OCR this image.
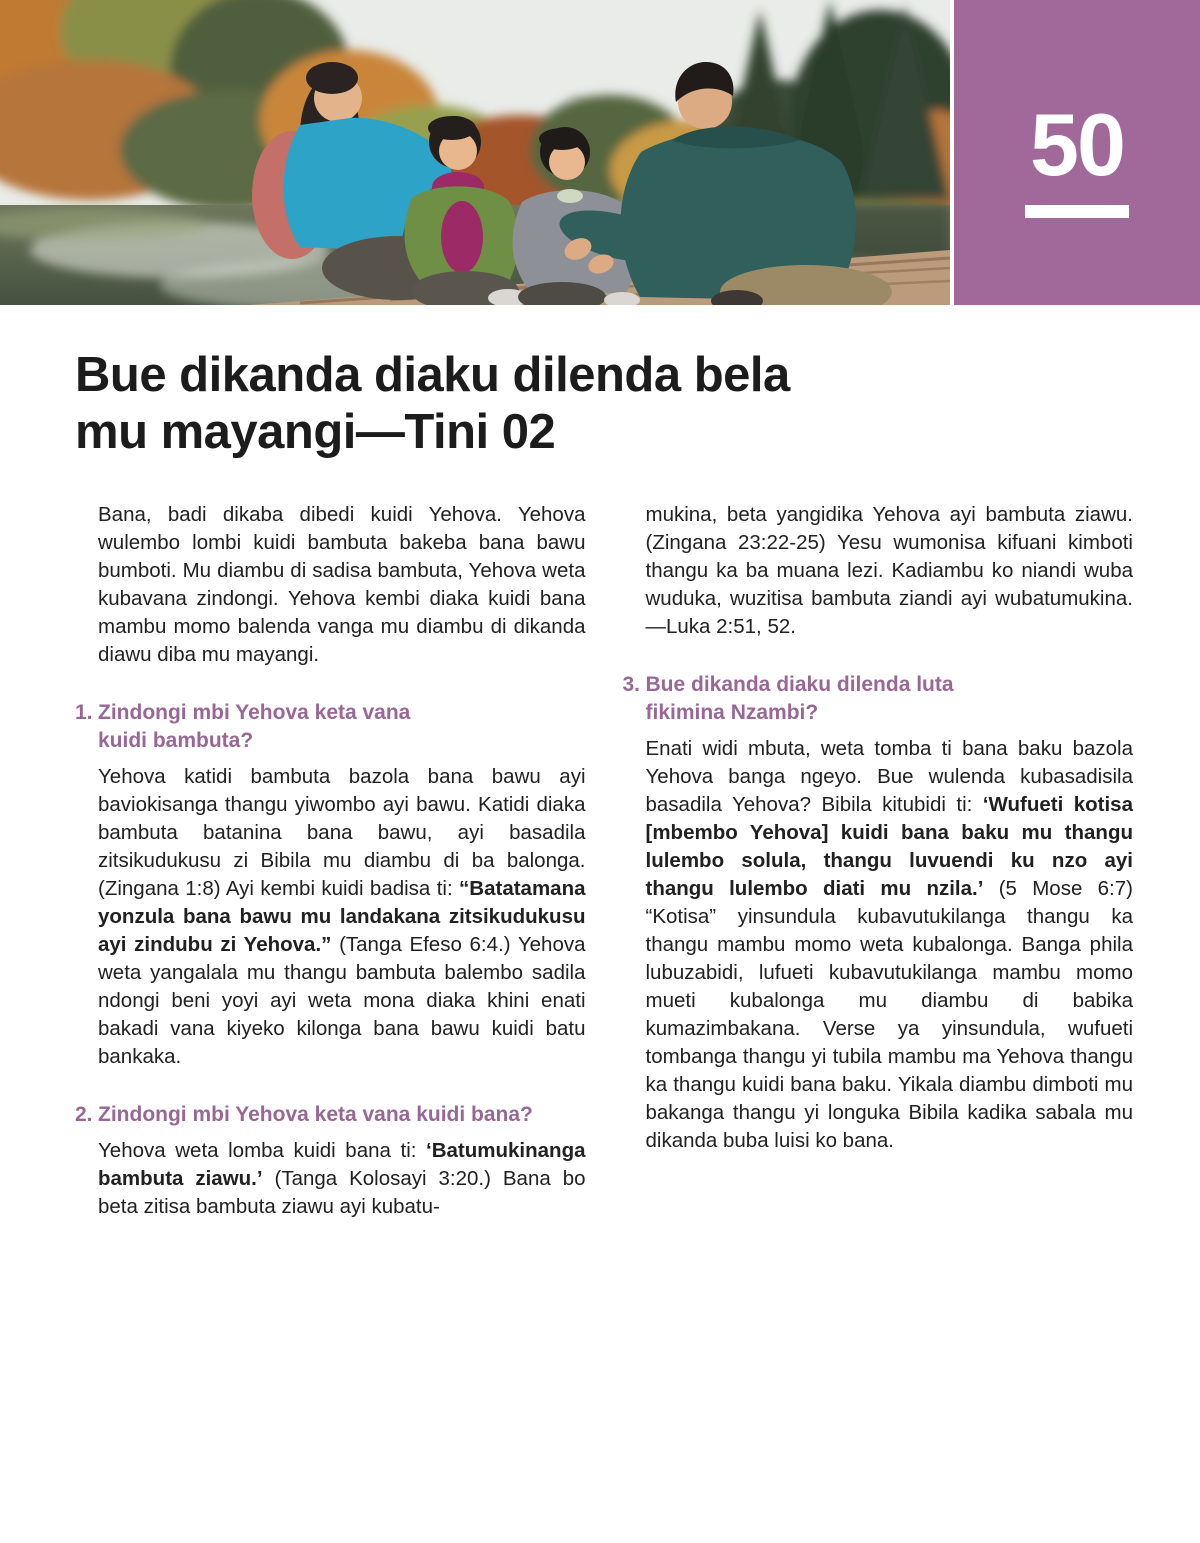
50
Bue dikanda diaku dilenda bela
mu mayangi—Tini 02

Bana, badi dikaba dibedi kuidi Yehova. Yehova wulembo lombi kuidi bambuta bakeba bana bawu bumboti. Mu diambu di sadisa bambuta, Yehova weta kubavana zindongi. Yehova kembi diaka kuidi bana mambu momo balenda vanga mu diambu di dikanda diawu diba mu mayangi.

1. Zindongi mbi Yehova keta vana
kuidi bambuta?

Yehova katidi bambuta bazola bana bawu ayi baviokisanga thangu yiwombo ayi bawu. Katidi diaka bambuta batanina bana bawu, ayi basadila zitsikudukusu zi Bibila mu diambu di ba balonga. (Zingana 1:8) Ayi kembi kuidi badisa ti: “Batatamana yonzula bana bawu mu landakana zitsikudukusu ayi zindubu zi Yehova.” (Tanga Efeso 6:4.) Yehova weta yangalala mu thangu bambuta balembo sadila ndongi beni yoyi ayi weta mona diaka khini enati bakadi vana kiyeko kilonga bana bawu kuidi batu bankaka.

2. Zindongi mbi Yehova keta vana kuidi bana?

Yehova weta lomba kuidi bana ti: ‘Batumukinanga bambuta ziawu.’ (Tanga Kolosayi 3:20.) Bana bo beta zitisa bambuta ziawu ayi kubatu-

mukina, beta yangidika Yehova ayi bambuta ziawu. (Zingana 23:22-25) Yesu wumonisa kifuani kimboti thangu ka ba muana lezi. Kadiambu ko niandi wuba wuduka, wuzitisa bambuta ziandi ayi wubatumukina.—Luka 2:51, 52.

3. Bue dikanda diaku dilenda luta
fikimina Nzambi?

Enati widi mbuta, weta tomba ti bana baku bazola Yehova banga ngeyo. Bue wulenda kubasadisila basadila Yehova? Bibila kitubidi ti: ‘Wufueti kotisa [mbembo Yehova] kuidi bana baku mu thangu lulembo solula, thangu luvuendi ku nzo ayi thangu lulembo diati mu nzila.’ (5 Mose 6:7) “Kotisa” yinsundula kubavutukilanga thangu ka thangu mambu momo weta kubalonga. Banga phila lubuzabidi, lufueti kubavutukilanga mambu momo mueti kubalonga mu diambu di babika kumazimbakana. Verse ya yinsundula, wufueti tombanga thangu yi tubila mambu ma Yehova thangu ka thangu kuidi bana baku. Yikala diambu dimboti mu bakanga thangu yi longuka Bibila kadika sabala mu dikanda buba luisi ko bana.
